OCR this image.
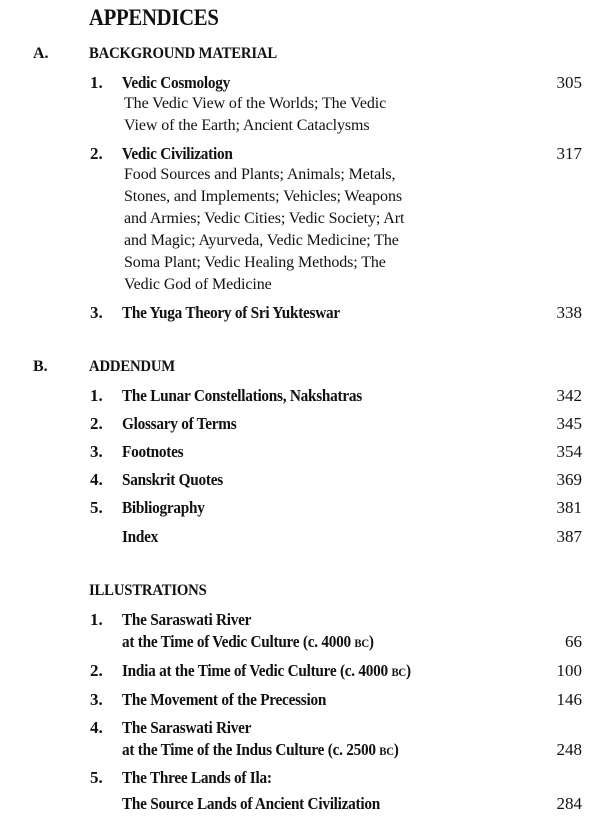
APPENDICES
A.	BACKGROUND MATERIAL
1. Vedic Cosmology	305
The Vedic View of the Worlds; The Vedic
View of the Earth; Ancient Cataclysms
2. Vedic Civilization	317
Food Sources and Plants; Animals; Metals,
Stones, and Implements; Vehicles; Weapons
and Armies; Vedic Cities; Vedic Society; Art
and Magic; Ayurveda, Vedic Medicine; The
Soma Plant; Vedic Healing Methods; The
Vedic God of Medicine
3. The Yuga Theory of Sri Yukteswar	338
B.	ADDENDUM
1. The Lunar Constellations, Nakshatras	342
2. Glossary of Terms	345
3. Footnotes	354
4. Sanskrit Quotes	369
5. Bibliography	381
Index	387
ILLUSTRATIONS
1. The Saraswati River
at the Time of Vedic Culture (c. 4000 BC)	66
2. India at the Time of Vedic Culture (c. 4000 BC)	100
3. The Movement of the Precession	146
4. The Saraswati River
at the Time of the Indus Culture (c. 2500 BC)	248
5. The Three Lands of Ila:
The Source Lands of Ancient Civilization	284
